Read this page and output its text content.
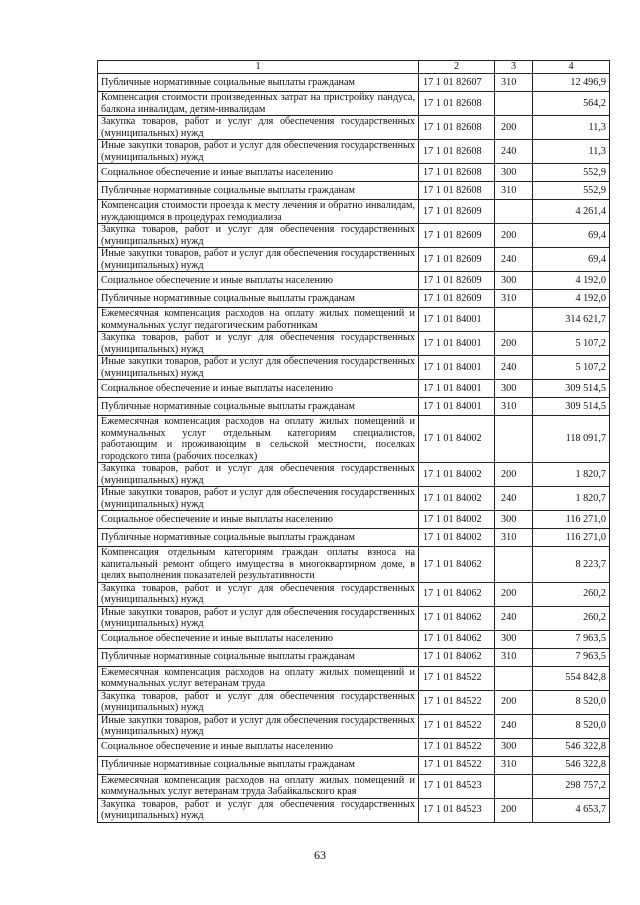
1	2	3	4
Публичные нормативные социальные выплаты гражданам	17 1 01 82607	310	12 496,9
Компенсация стоимости произведенных затрат на пристройку пандуса, балкона инвалидам, детям-инвалидам	17 1 01 82608		564,2
Закупка товаров, работ и услуг для обеспечения государственных (муниципальных) нужд	17 1 01 82608	200	11,3
Иные закупки товаров, работ и услуг для обеспечения государственных (муниципальных) нужд	17 1 01 82608	240	11,3
Социальное обеспечение и иные выплаты населению	17 1 01 82608	300	552,9
Публичные нормативные социальные выплаты гражданам	17 1 01 82608	310	552,9
Компенсация стоимости проезда к месту лечения и обратно инвалидам, нуждающимся в процедурах гемодиализа	17 1 01 82609		4 261,4
Закупка товаров, работ и услуг для обеспечения государственных (муниципальных) нужд	17 1 01 82609	200	69,4
Иные закупки товаров, работ и услуг для обеспечения государственных (муниципальных) нужд	17 1 01 82609	240	69,4
Социальное обеспечение и иные выплаты населению	17 1 01 82609	300	4 192,0
Публичные нормативные социальные выплаты гражданам	17 1 01 82609	310	4 192,0
Ежемесячная компенсация расходов на оплату жилых помещений и коммунальных услуг педагогическим работникам	17 1 01 84001		314 621,7
Закупка товаров, работ и услуг для обеспечения государственных (муниципальных) нужд	17 1 01 84001	200	5 107,2
Иные закупки товаров, работ и услуг для обеспечения государственных (муниципальных) нужд	17 1 01 84001	240	5 107,2
Социальное обеспечение и иные выплаты населению	17 1 01 84001	300	309 514,5
Публичные нормативные социальные выплаты гражданам	17 1 01 84001	310	309 514,5
Ежемесячная компенсация расходов на оплату жилых помещений и коммунальных услуг отдельным категориям специалистов, работающим и проживающим в сельской местности, поселках городского типа (рабочих поселках)	17 1 01 84002		118 091,7
Закупка товаров, работ и услуг для обеспечения государственных (муниципальных) нужд	17 1 01 84002	200	1 820,7
Иные закупки товаров, работ и услуг для обеспечения государственных (муниципальных) нужд	17 1 01 84002	240	1 820,7
Социальное обеспечение и иные выплаты населению	17 1 01 84002	300	116 271,0
Публичные нормативные социальные выплаты гражданам	17 1 01 84002	310	116 271,0
Компенсация отдельным категориям граждан оплаты взноса на капитальный ремонт общего имущества в многоквартирном доме, в целях выполнения показателей результативности	17 1 01 84062		8 223,7
Закупка товаров, работ и услуг для обеспечения государственных (муниципальных) нужд	17 1 01 84062	200	260,2
Иные закупки товаров, работ и услуг для обеспечения государственных (муниципальных) нужд	17 1 01 84062	240	260,2
Социальное обеспечение и иные выплаты населению	17 1 01 84062	300	7 963,5
Публичные нормативные социальные выплаты гражданам	17 1 01 84062	310	7 963,5
Ежемесячная компенсация расходов на оплату жилых помещений и коммунальных услуг ветеранам труда	17 1 01 84522		554 842,8
Закупка товаров, работ и услуг для обеспечения государственных (муниципальных) нужд	17 1 01 84522	200	8 520,0
Иные закупки товаров, работ и услуг для обеспечения государственных (муниципальных) нужд	17 1 01 84522	240	8 520,0
Социальное обеспечение и иные выплаты населению	17 1 01 84522	300	546 322,8
Публичные нормативные социальные выплаты гражданам	17 1 01 84522	310	546 322,8
Ежемесячная компенсация расходов на оплату жилых помещений и коммунальных услуг ветеранам труда Забайкальского края	17 1 01 84523		298 757,2
Закупка товаров, работ и услуг для обеспечения государственных (муниципальных) нужд	17 1 01 84523	200	4 653,7
63
